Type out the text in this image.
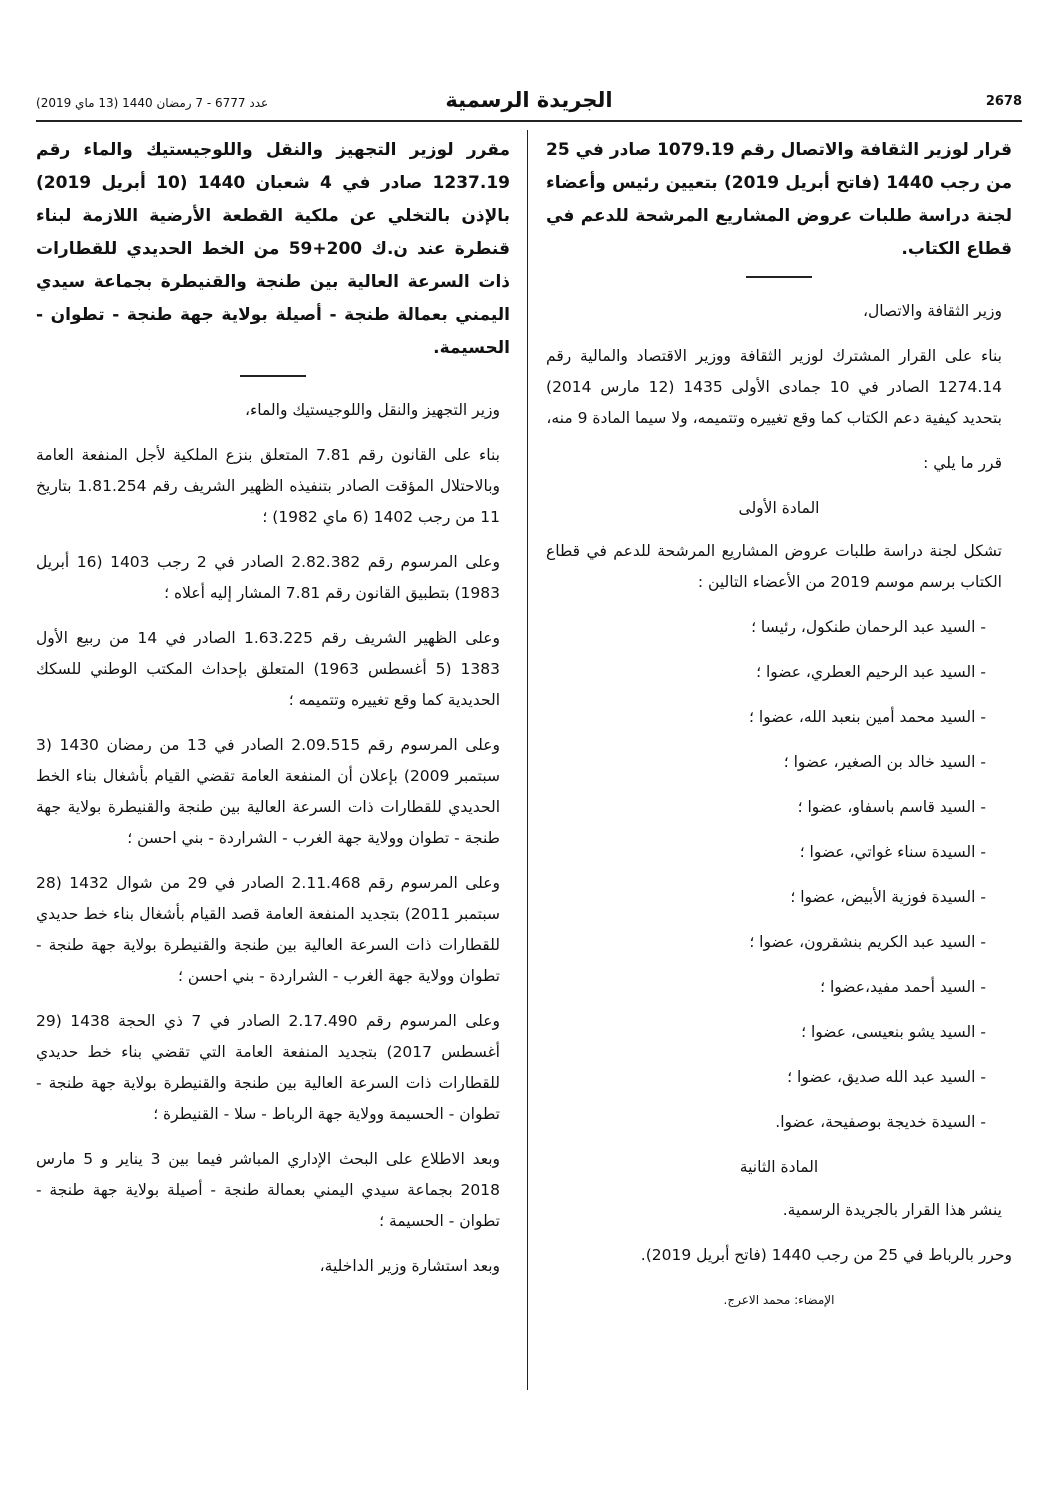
2678
الجريدة الرسمية
عدد 6777 - 7 رمضان 1440 (13 ماي 2019)
قرار لوزير الثقافة والاتصال رقم 1079.19 صادر في 25 من رجب 1440 (فاتح أبريل 2019) بتعيين رئيس وأعضاء لجنة دراسة طلبات عروض المشاريع المرشحة للدعم في قطاع الكتاب.

وزير الثقافة والاتصال،

بناء على القرار المشترك لوزير الثقافة ووزير الاقتصاد والمالية رقم 1274.14 الصادر في 10 جمادى الأولى 1435 (12 مارس 2014) بتحديد كيفية دعم الكتاب كما وقع تغييره وتتميمه، ولا سيما المادة 9 منه،

قرر ما يلي :

المادة الأولى

تشكل لجنة دراسة طلبات عروض المشاريع المرشحة للدعم في قطاع الكتاب برسم موسم 2019 من الأعضاء التالين :

- السيد عبد الرحمان طنكول، رئيسا ؛
- السيد عبد الرحيم العطري، عضوا ؛
- السيد محمد أمين بنعبد الله، عضوا ؛
- السيد خالد بن الصغير، عضوا ؛
- السيد قاسم باسفاو، عضوا ؛
- السيدة سناء غواتي، عضوا ؛
- السيدة فوزية الأبيض، عضوا ؛
- السيد عبد الكريم بنشقرون، عضوا ؛
- السيد أحمد مفيد،عضوا ؛
- السيد يشو بنعيسى، عضوا ؛
- السيد عبد الله صديق، عضوا ؛
- السيدة خديجة بوصفيحة، عضوا.

المادة الثانية

ينشر هذا القرار بالجريدة الرسمية.

وحرر بالرباط في 25 من رجب 1440 (فاتح أبريل 2019).

الإمضاء: محمد الاعرج.
مقرر لوزير التجهيز والنقل واللوجيستيك والماء رقم 1237.19 صادر في 4 شعبان 1440 (10 أبريل 2019) بالإذن بالتخلي عن ملكية القطعة الأرضية اللازمة لبناء قنطرة عند ن.ك 200+59 من الخط الحديدي للقطارات ذات السرعة العالية بين طنجة والقنيطرة بجماعة سيدي اليمني بعمالة طنجة - أصيلة بولاية جهة طنجة - تطوان - الحسيمة.

وزير التجهيز والنقل واللوجيستيك والماء،

بناء على القانون رقم 7.81 المتعلق بنزع الملكية لأجل المنفعة العامة وبالاحتلال المؤقت الصادر بتنفيذه الظهير الشريف رقم 1.81.254 بتاريخ 11 من رجب 1402 (6 ماي 1982) ؛

وعلى المرسوم رقم 2.82.382 الصادر في 2 رجب 1403 (16 أبريل 1983) بتطبيق القانون رقم 7.81 المشار إليه أعلاه ؛

وعلى الظهير الشريف رقم 1.63.225 الصادر في 14 من ربيع الأول 1383 (5 أغسطس 1963) المتعلق بإحداث المكتب الوطني للسكك الحديدية كما وقع تغييره وتتميمه ؛

وعلى المرسوم رقم 2.09.515 الصادر في 13 من رمضان 1430 (3 سبتمبر 2009) بإعلان أن المنفعة العامة تقضي القيام بأشغال بناء الخط الحديدي للقطارات ذات السرعة العالية بين طنجة والقنيطرة بولاية جهة طنجة - تطوان وولاية جهة الغرب - الشراردة - بني احسن ؛

وعلى المرسوم رقم 2.11.468 الصادر في 29 من شوال 1432 (28 سبتمبر 2011) بتجديد المنفعة العامة قصد القيام بأشغال بناء خط حديدي للقطارات ذات السرعة العالية بين طنجة والقنيطرة بولاية جهة طنجة - تطوان وولاية جهة الغرب - الشراردة - بني احسن ؛

وعلى المرسوم رقم 2.17.490 الصادر في 7 ذي الحجة 1438 (29 أغسطس 2017) بتجديد المنفعة العامة التي تقضي بناء خط حديدي للقطارات ذات السرعة العالية بين طنجة والقنيطرة بولاية جهة طنجة - تطوان - الحسيمة وولاية جهة الرباط - سلا - القنيطرة ؛

وبعد الاطلاع على البحث الإداري المباشر فيما بين 3 يناير و 5 مارس 2018 بجماعة سيدي اليمني بعمالة طنجة - أصيلة بولاية جهة طنجة - تطوان - الحسيمة ؛

وبعد استشارة وزير الداخلية،
